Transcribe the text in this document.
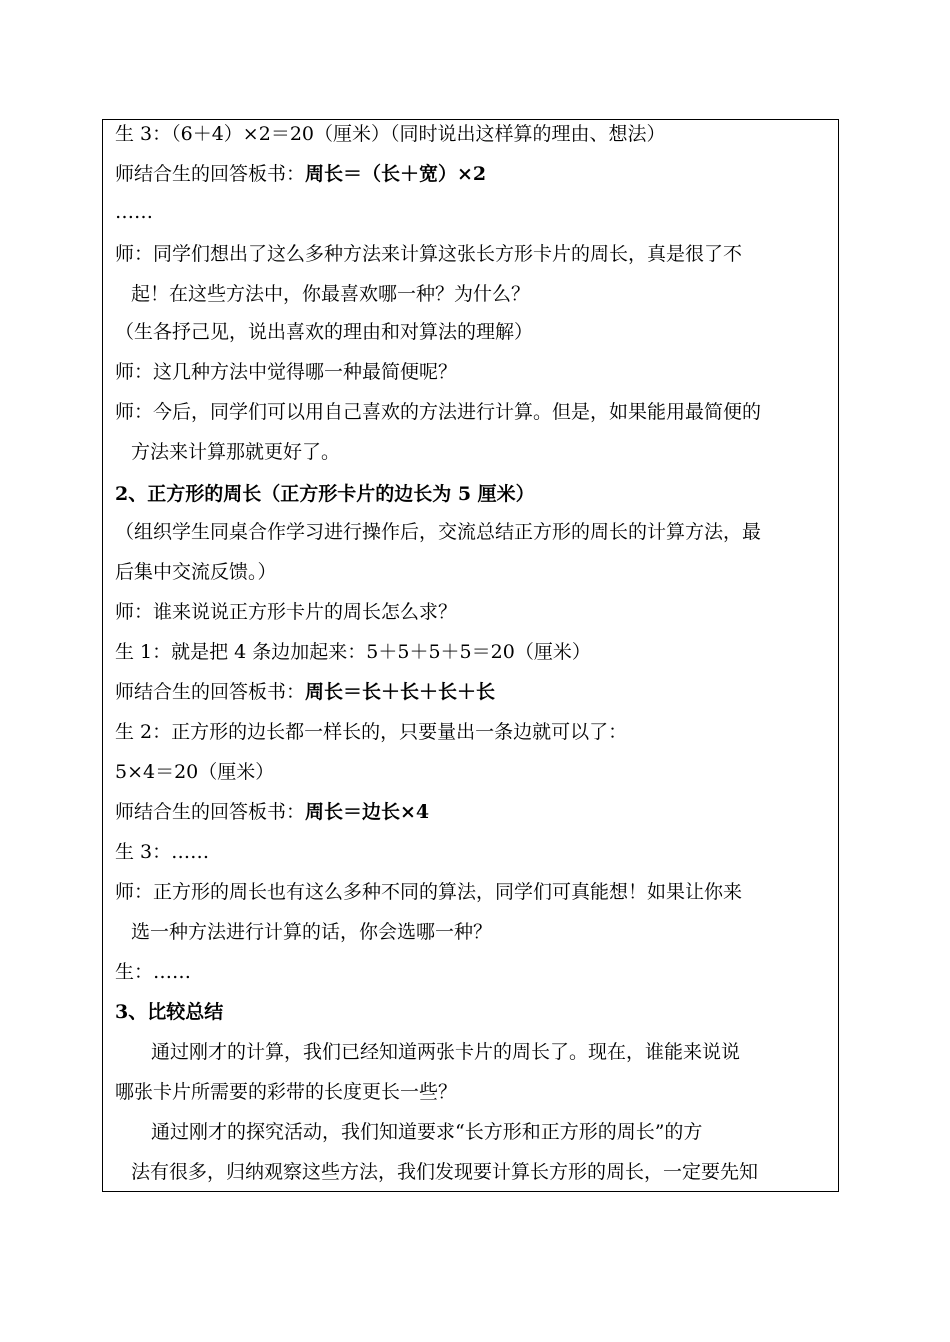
生 3：（6＋4）×2＝20（厘米）（同时说出这样算的理由、想法）
师结合生的回答板书：周长＝（长＋宽）×2
……
师：同学们想出了这么多种方法来计算这张长方形卡片的周长，真是很了不
起！在这些方法中，你最喜欢哪一种？为什么？
（生各抒己见，说出喜欢的理由和对算法的理解）
师：这几种方法中觉得哪一种最简便呢？
师：今后，同学们可以用自己喜欢的方法进行计算。但是，如果能用最简便的
方法来计算那就更好了。
2、正方形的周长（正方形卡片的边长为 5 厘米）
（组织学生同桌合作学习进行操作后，交流总结正方形的周长的计算方法，最
后集中交流反馈。）
师：谁来说说正方形卡片的周长怎么求？
生 1：就是把 4 条边加起来：5＋5＋5＋5＝20（厘米）
师结合生的回答板书：周长＝长＋长＋长＋长
生 2：正方形的边长都一样长的，只要量出一条边就可以了：
5×4＝20（厘米）
师结合生的回答板书：周长＝边长×4
生 3：……
师：正方形的周长也有这么多种不同的算法，同学们可真能想！如果让你来
选一种方法进行计算的话，你会选哪一种？
生：……
3、比较总结
通过刚才的计算，我们已经知道两张卡片的周长了。现在，谁能来说说
哪张卡片所需要的彩带的长度更长一些？
通过刚才的探究活动，我们知道要求“长方形和正方形的周长”的方
法有很多，归纳观察这些方法，我们发现要计算长方形的周长，一定要先知
